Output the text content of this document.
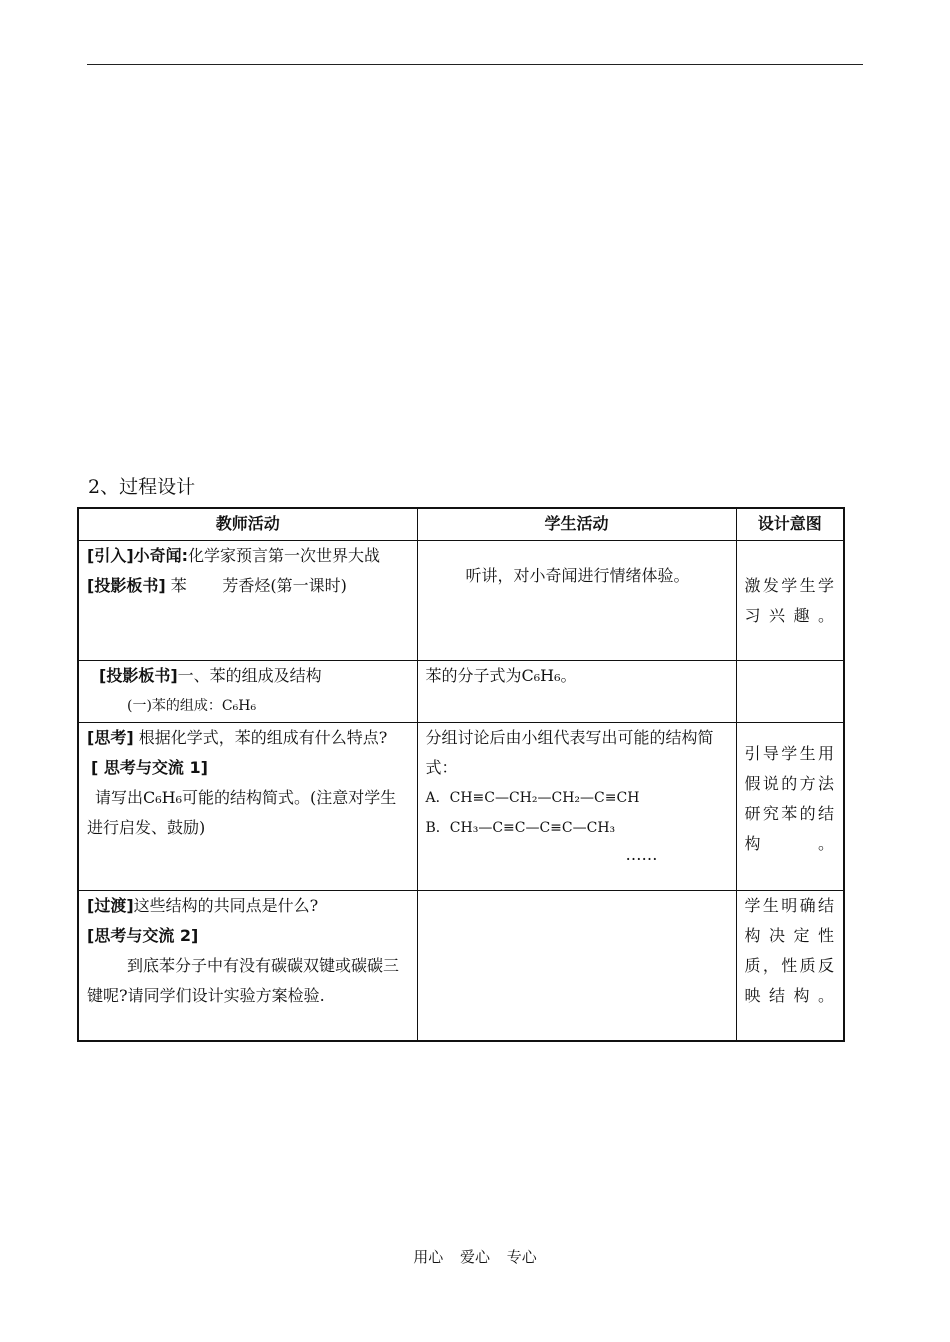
2、过程设计
教师活动	学生活动	设计意图

[引入]小奇闻:化学家预言第一次世界大战
[投影板书] 苯       芳香烃(第一课时)	听讲，对小奇闻进行情绪体验。	激发学生学习兴趣。

[投影板书]一、苯的组成及结构
(一)苯的组成：C₆H₆	苯的分子式为C₆H₆。	

[思考] 根据化学式，苯的组成有什么特点?
[ 思考与交流 1]
请写出C₆H₆可能的结构简式。(注意对学生进行启发、鼓励)	分组讨论后由小组代表写出可能的结构简式：
A．CH≡C—CH₂—CH₂—C≡CH
B．CH₃—C≡C—C≡C—CH₃
……	引导学生用假说的方法研究苯的结构。

[过渡]这些结构的共同点是什么?
[思考与交流 2]
到底苯分子中有没有碳碳双键或碳碳三键呢?请同学们设计实验方案检验.		学生明确结构决定性质，性质反映结构。
用心 爱心 专心
